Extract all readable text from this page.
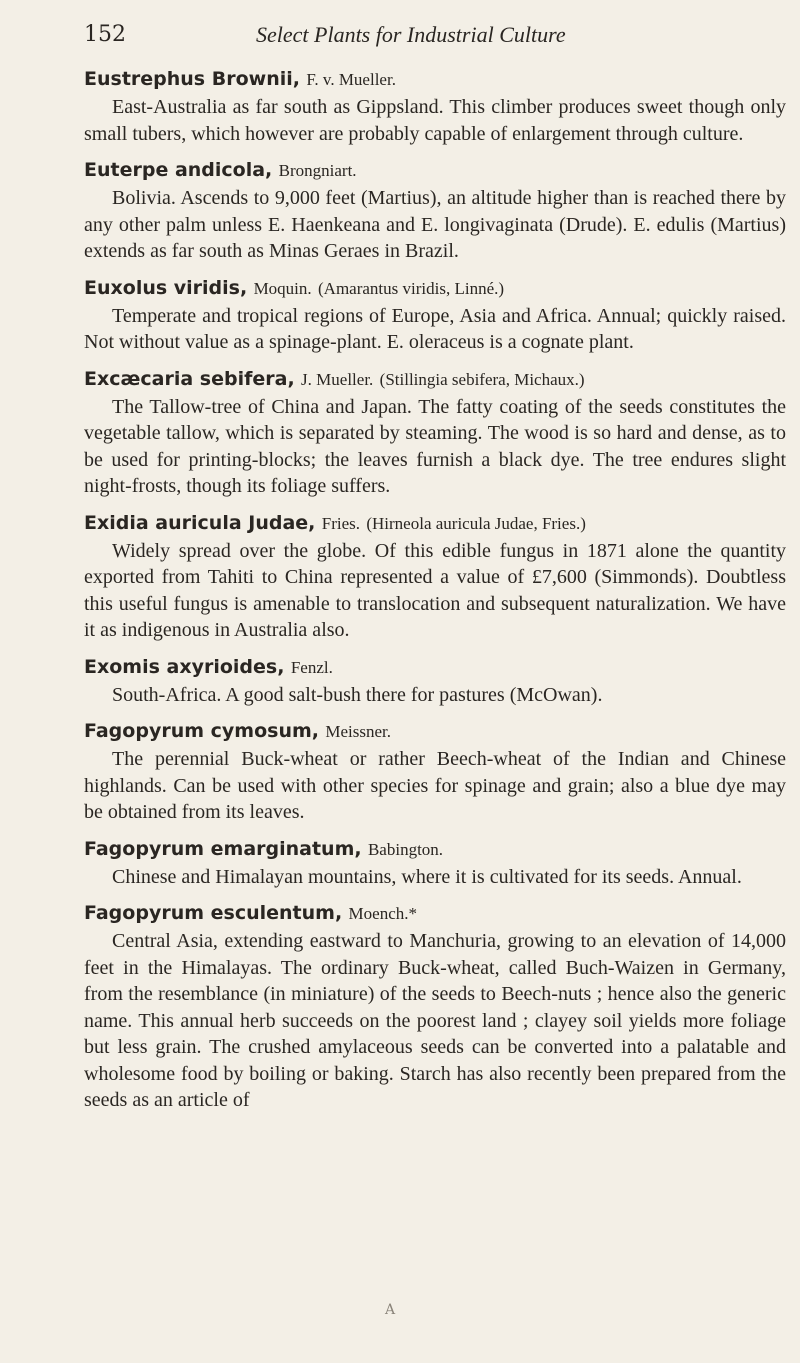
152	Select Plants for Industrial Culture
Eustrephus Brownii, F. v. Mueller.

East-Australia as far south as Gippsland. This climber produces sweet though only small tubers, which however are probably capable of enlargement through culture.

Euterpe andicola, Brongniart.

Bolivia. Ascends to 9,000 feet (Martius), an altitude higher than is reached there by any other palm unless E. Haenkeana and E. longivaginata (Drude). E. edulis (Martius) extends as far south as Minas Geraes in Brazil.

Euxolus viridis, Moquin. (Amarantus viridis, Linné.)

Temperate and tropical regions of Europe, Asia and Africa. Annual; quickly raised. Not without value as a spinage-plant. E. oleraceus is a cognate plant.

Excæcaria sebifera, J. Mueller. (Stillingia sebifera, Michaux.)

The Tallow-tree of China and Japan. The fatty coating of the seeds constitutes the vegetable tallow, which is separated by steaming. The wood is so hard and dense, as to be used for printing-blocks; the leaves furnish a black dye. The tree endures slight night-frosts, though its foliage suffers.

Exidia auricula Judae, Fries. (Hirneola auricula Judae, Fries.)

Widely spread over the globe. Of this edible fungus in 1871 alone the quantity exported from Tahiti to China represented a value of £7,600 (Simmonds). Doubtless this useful fungus is amenable to translocation and subsequent naturalization. We have it as indigenous in Australia also.

Exomis axyrioides, Fenzl.

South-Africa. A good salt-bush there for pastures (McOwan).

Fagopyrum cymosum, Meissner.

The perennial Buck-wheat or rather Beech-wheat of the Indian and Chinese highlands. Can be used with other species for spinage and grain; also a blue dye may be obtained from its leaves.

Fagopyrum emarginatum, Babington.

Chinese and Himalayan mountains, where it is cultivated for its seeds. Annual.

Fagopyrum esculentum, Moench.*

Central Asia, extending eastward to Manchuria, growing to an elevation of 14,000 feet in the Himalayas. The ordinary Buck-wheat, called Buch-Waizen in Germany, from the resemblance (in miniature) of the seeds to Beech-nuts ; hence also the generic name. This annual herb succeeds on the poorest land ; clayey soil yields more foliage but less grain. The crushed amylaceous seeds can be converted into a palatable and wholesome food by boiling or baking. Starch has also recently been prepared from the seeds as an article of

A
